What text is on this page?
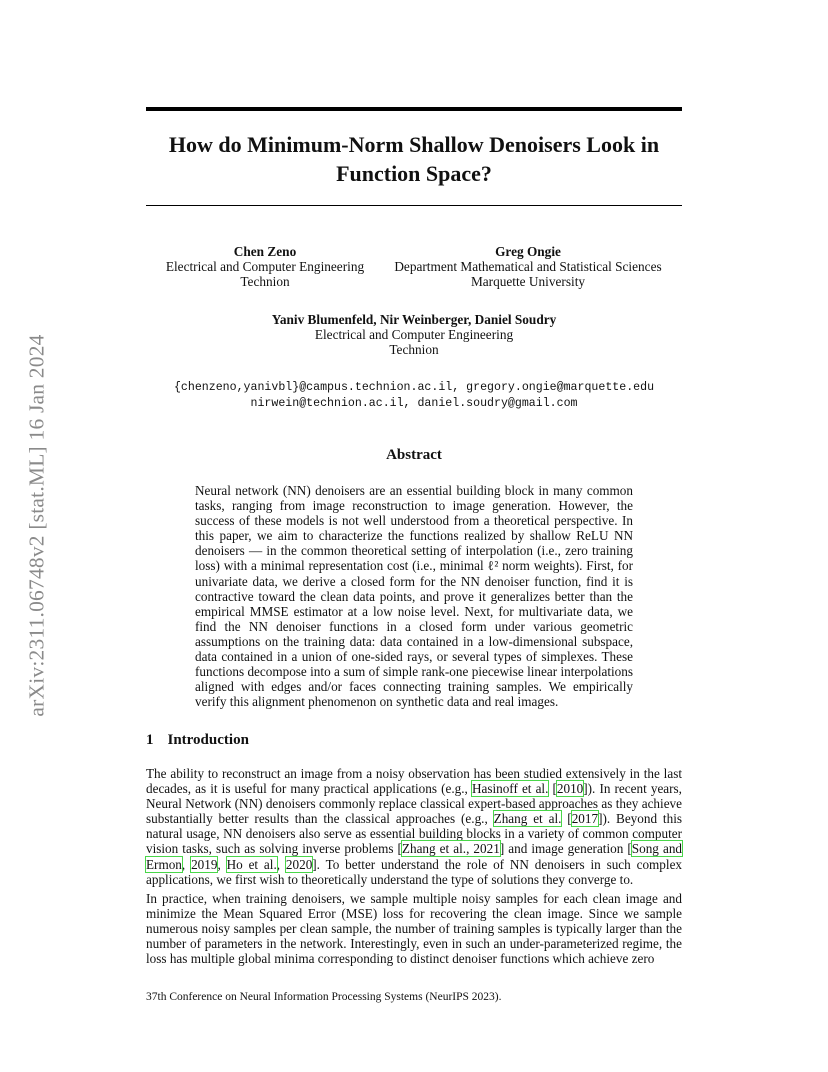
arXiv:2311.06748v2 [stat.ML] 16 Jan 2024
How do Minimum-Norm Shallow Denoisers Look in
Function Space?
Chen Zeno
Electrical and Computer Engineering
Technion
Greg Ongie
Department Mathematical and Statistical Sciences
Marquette University
Yaniv Blumenfeld, Nir Weinberger, Daniel Soudry
Electrical and Computer Engineering
Technion
{chenzeno,yanivbl}@campus.technion.ac.il, gregory.ongie@marquette.edu
nirwein@technion.ac.il, daniel.soudry@gmail.com
Abstract
Neural network (NN) denoisers are an essential building block in many common tasks, ranging from image reconstruction to image generation. However, the success of these models is not well understood from a theoretical perspective. In this paper, we aim to characterize the functions realized by shallow ReLU NN denoisers — in the common theoretical setting of interpolation (i.e., zero training loss) with a minimal representation cost (i.e., minimal ℓ² norm weights). First, for univariate data, we derive a closed form for the NN denoiser function, find it is contractive toward the clean data points, and prove it generalizes better than the empirical MMSE estimator at a low noise level. Next, for multivariate data, we find the NN denoiser functions in a closed form under various geometric assumptions on the training data: data contained in a low-dimensional subspace, data contained in a union of one-sided rays, or several types of simplexes. These functions decompose into a sum of simple rank-one piecewise linear interpolations aligned with edges and/or faces connecting training samples. We empirically verify this alignment phenomenon on synthetic data and real images.
1 Introduction
The ability to reconstruct an image from a noisy observation has been studied extensively in the last decades, as it is useful for many practical applications (e.g., Hasinoff et al. [2010]). In recent years, Neural Network (NN) denoisers commonly replace classical expert-based approaches as they achieve substantially better results than the classical approaches (e.g., Zhang et al. [2017]). Beyond this natural usage, NN denoisers also serve as essential building blocks in a variety of common computer vision tasks, such as solving inverse problems [Zhang et al., 2021] and image generation [Song and Ermon, 2019, Ho et al., 2020]. To better understand the role of NN denoisers in such complex applications, we first wish to theoretically understand the type of solutions they converge to.
In practice, when training denoisers, we sample multiple noisy samples for each clean image and minimize the Mean Squared Error (MSE) loss for recovering the clean image. Since we sample numerous noisy samples per clean sample, the number of training samples is typically larger than the number of parameters in the network. Interestingly, even in such an under-parameterized regime, the loss has multiple global minima corresponding to distinct denoiser functions which achieve zero
37th Conference on Neural Information Processing Systems (NeurIPS 2023).
